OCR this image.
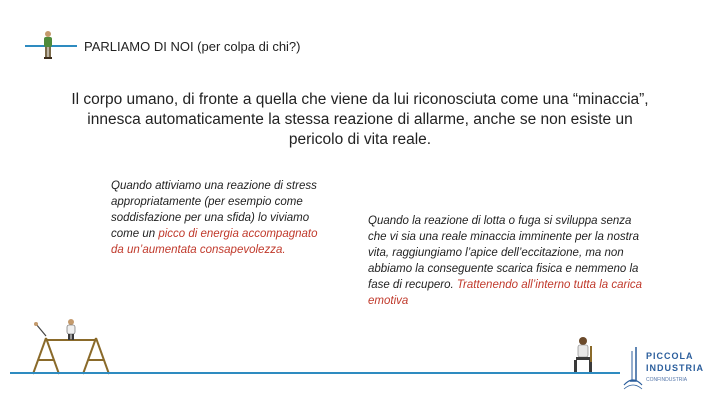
PARLIAMO DI NOI (per colpa di chi?)
Il corpo umano, di fronte a quella che viene da lui riconosciuta come una “minaccia”, innesca automaticamente la stessa reazione di allarme, anche se non esiste un pericolo di vita reale.
Quando attiviamo una reazione di stress appropriatamente (per esempio come soddisfazione per una sfida) lo viviamo come un picco di energia accompagnato da un’aumentata consapevolezza.
Quando la reazione di lotta o fuga si sviluppa senza che vi sia una reale minaccia imminente per la nostra vita, raggiungiamo l’apice dell’eccitazione, ma non abbiamo la conseguente scarica fisica e nemmeno la fase di recupero. Trattenendo all’interno tutta la carica emotiva
PICCOLA
INDUSTRIA
CONFINDUSTRIA
